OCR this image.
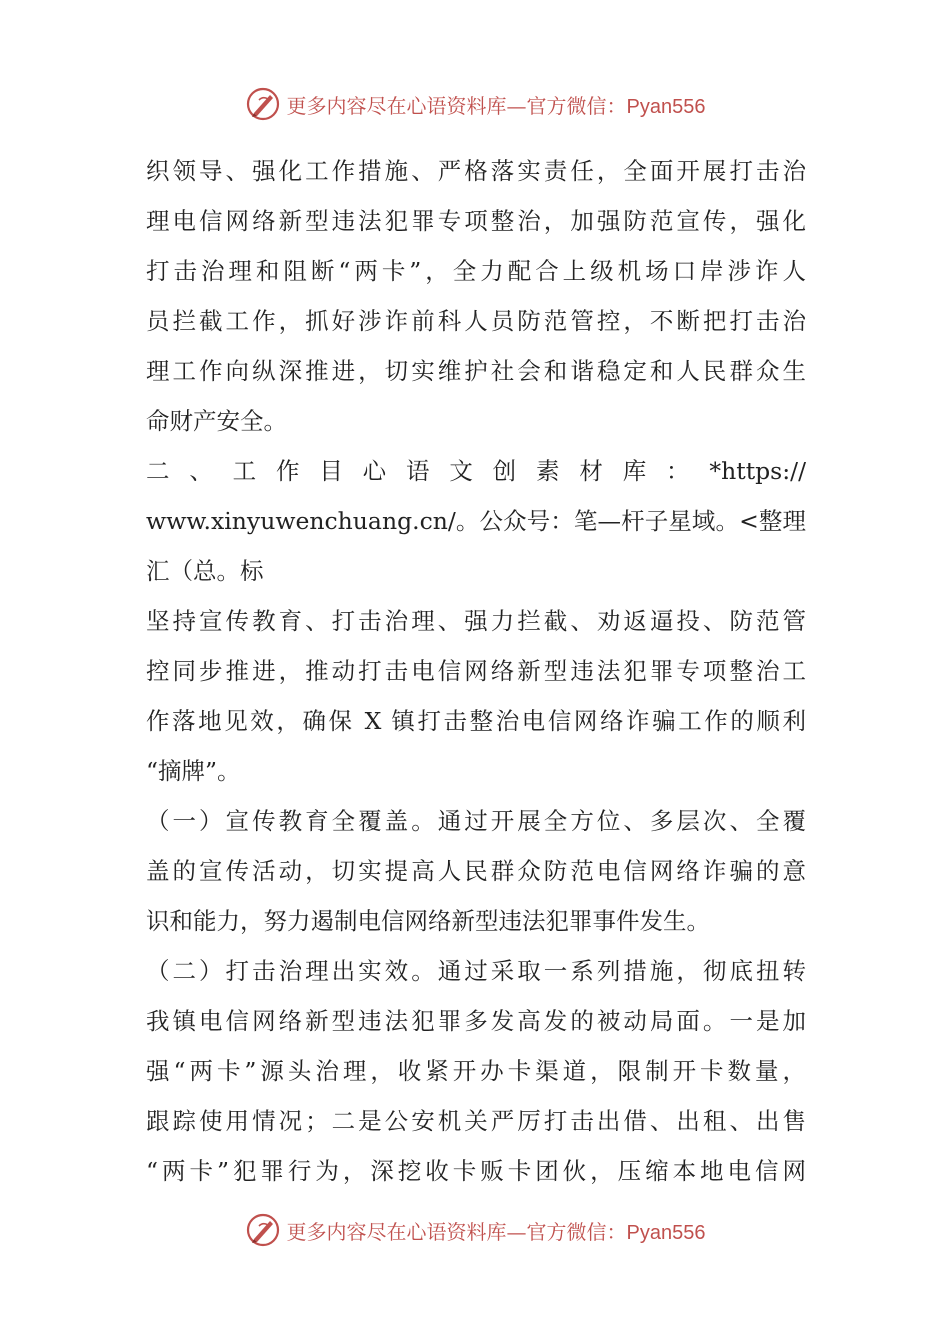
更多内容尽在心语资料库—官方微信：Pyan556
织领导、强化工作措施、严格落实责任，全面开展打击治
理电信网络新型违法犯罪专项整治，加强防范宣传，强化
打击治理和阻断“两卡”，全力配合上级机场口岸涉诈人
员拦截工作，抓好涉诈前科人员防范管控，不断把打击治
理工作向纵深推进，切实维护社会和谐稳定和人民群众生
命财产安全。
二 、 工 作 目 心 语 文 创 素 材 库 ： *https://
www.xinyuwenchuang.cn/。公众号：笔—杆子星域。<整理
汇（总。标
坚持宣传教育、打击治理、强力拦截、劝返逼投、防范管
控同步推进，推动打击电信网络新型违法犯罪专项整治工
作落地见效，确保 X 镇打击整治电信网络诈骗工作的顺利
“摘牌”。
（一）宣传教育全覆盖。通过开展全方位、多层次、全覆
盖的宣传活动，切实提高人民群众防范电信网络诈骗的意
识和能力，努力遏制电信网络新型违法犯罪事件发生。
（二）打击治理出实效。通过采取一系列措施，彻底扭转
我镇电信网络新型违法犯罪多发高发的被动局面。一是加
强“两卡”源头治理，收紧开办卡渠道，限制开卡数量，
跟踪使用情况；二是公安机关严厉打击出借、出租、出售
“两卡”犯罪行为，深挖收卡贩卡团伙，压缩本地电信网
更多内容尽在心语资料库—官方微信：Pyan556
